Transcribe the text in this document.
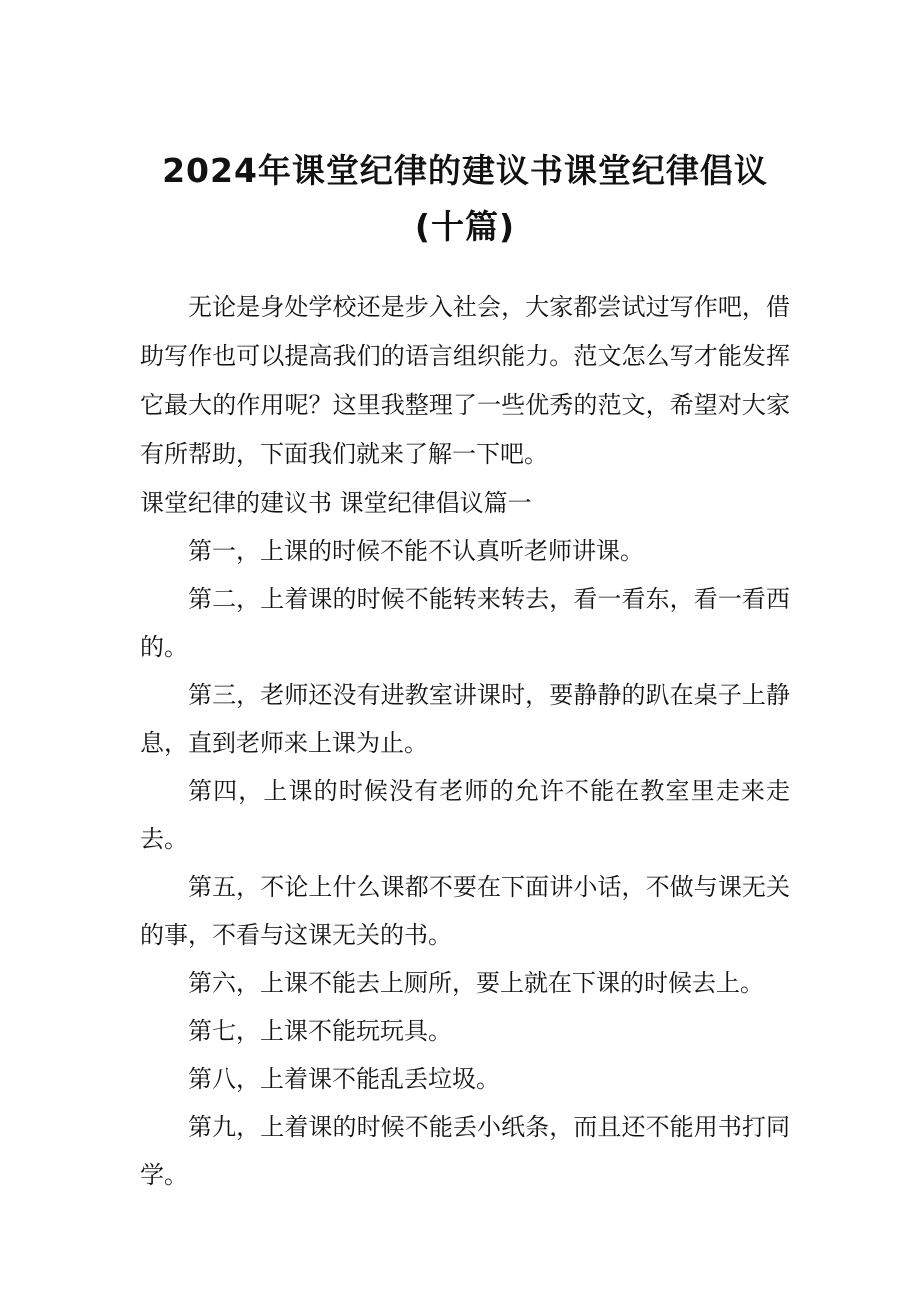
2024年课堂纪律的建议书课堂纪律倡议(十篇)

无论是身处学校还是步入社会，大家都尝试过写作吧，借助写作也可以提高我们的语言组织能力。范文怎么写才能发挥它最大的作用呢？这里我整理了一些优秀的范文，希望对大家有所帮助，下面我们就来了解一下吧。

课堂纪律的建议书 课堂纪律倡议篇一

第一，上课的时候不能不认真听老师讲课。

第二，上着课的时候不能转来转去，看一看东，看一看西的。

第三，老师还没有进教室讲课时，要静静的趴在桌子上静息，直到老师来上课为止。

第四，上课的时候没有老师的允许不能在教室里走来走去。

第五，不论上什么课都不要在下面讲小话，不做与课无关的事，不看与这课无关的书。

第六，上课不能去上厕所，要上就在下课的时候去上。

第七，上课不能玩玩具。

第八，上着课不能乱丢垃圾。

第九，上着课的时候不能丢小纸条，而且还不能用书打同学。
